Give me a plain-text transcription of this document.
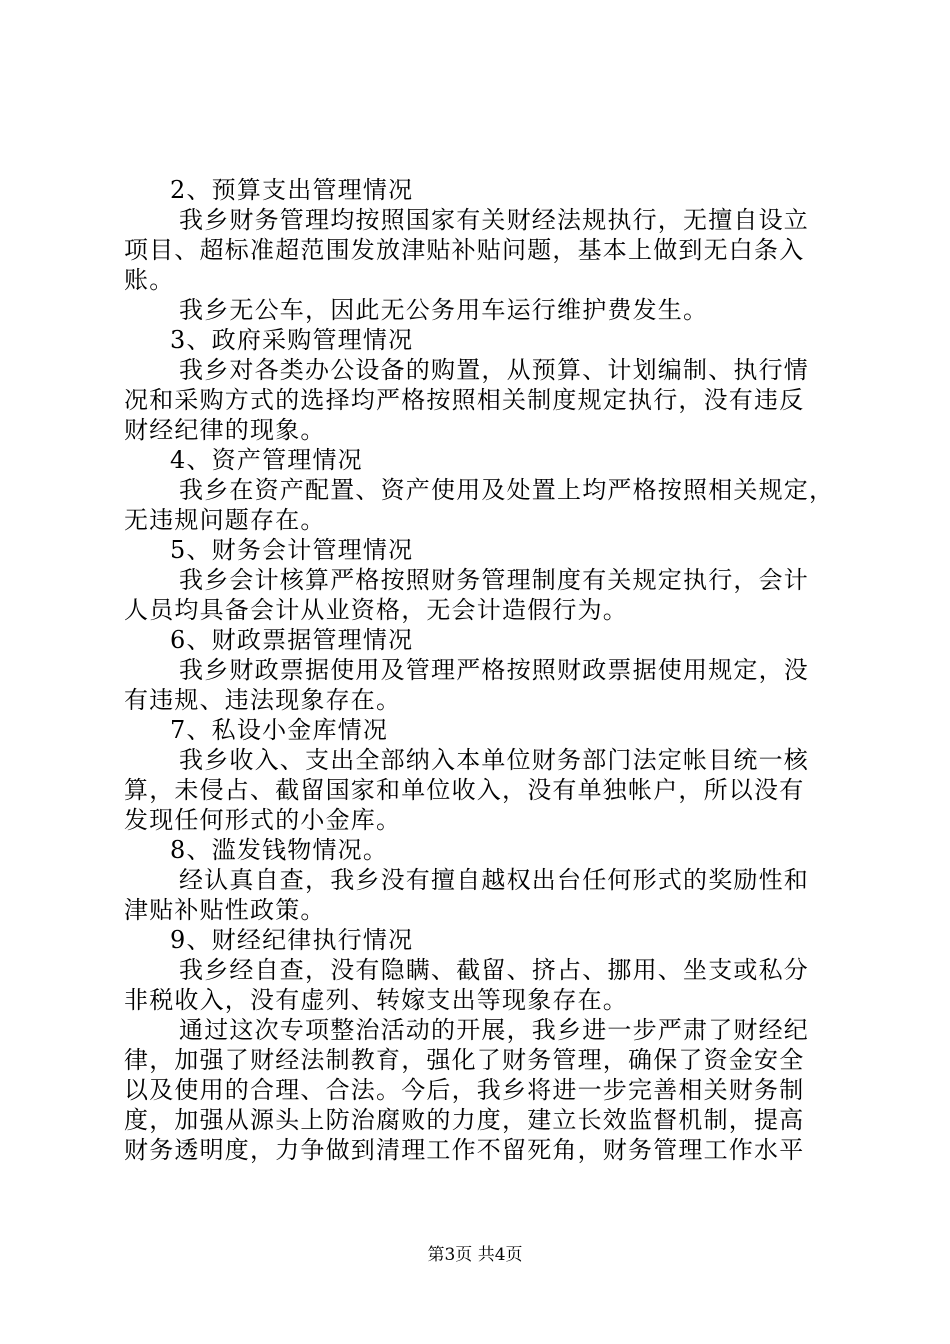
2、预算支出管理情况
我乡财务管理均按照国家有关财经法规执行，无擅自设立
项目、超标准超范围发放津贴补贴问题，基本上做到无白条入
账。
我乡无公车，因此无公务用车运行维护费发生。
3、政府采购管理情况
我乡对各类办公设备的购置，从预算、计划编制、执行情
况和采购方式的选择均严格按照相关制度规定执行，没有违反
财经纪律的现象。
4、资产管理情况
我乡在资产配置、资产使用及处置上均严格按照相关规定，
无违规问题存在。
5、财务会计管理情况
我乡会计核算严格按照财务管理制度有关规定执行，会计
人员均具备会计从业资格，无会计造假行为。
6、财政票据管理情况
我乡财政票据使用及管理严格按照财政票据使用规定，没
有违规、违法现象存在。
7、私设小金库情况
我乡收入、支出全部纳入本单位财务部门法定帐目统一核
算，未侵占、截留国家和单位收入，没有单独帐户，所以没有
发现任何形式的小金库。
8、滥发钱物情况。
经认真自查，我乡没有擅自越权出台任何形式的奖励性和
津贴补贴性政策。
9、财经纪律执行情况
我乡经自查，没有隐瞒、截留、挤占、挪用、坐支或私分
非税收入，没有虚列、转嫁支出等现象存在。
通过这次专项整治活动的开展，我乡进一步严肃了财经纪
律，加强了财经法制教育，强化了财务管理，确保了资金安全
以及使用的合理、合法。今后，我乡将进一步完善相关财务制
度，加强从源头上防治腐败的力度，建立长效监督机制，提高
财务透明度，力争做到清理工作不留死角，财务管理工作水平
第3页 共4页
